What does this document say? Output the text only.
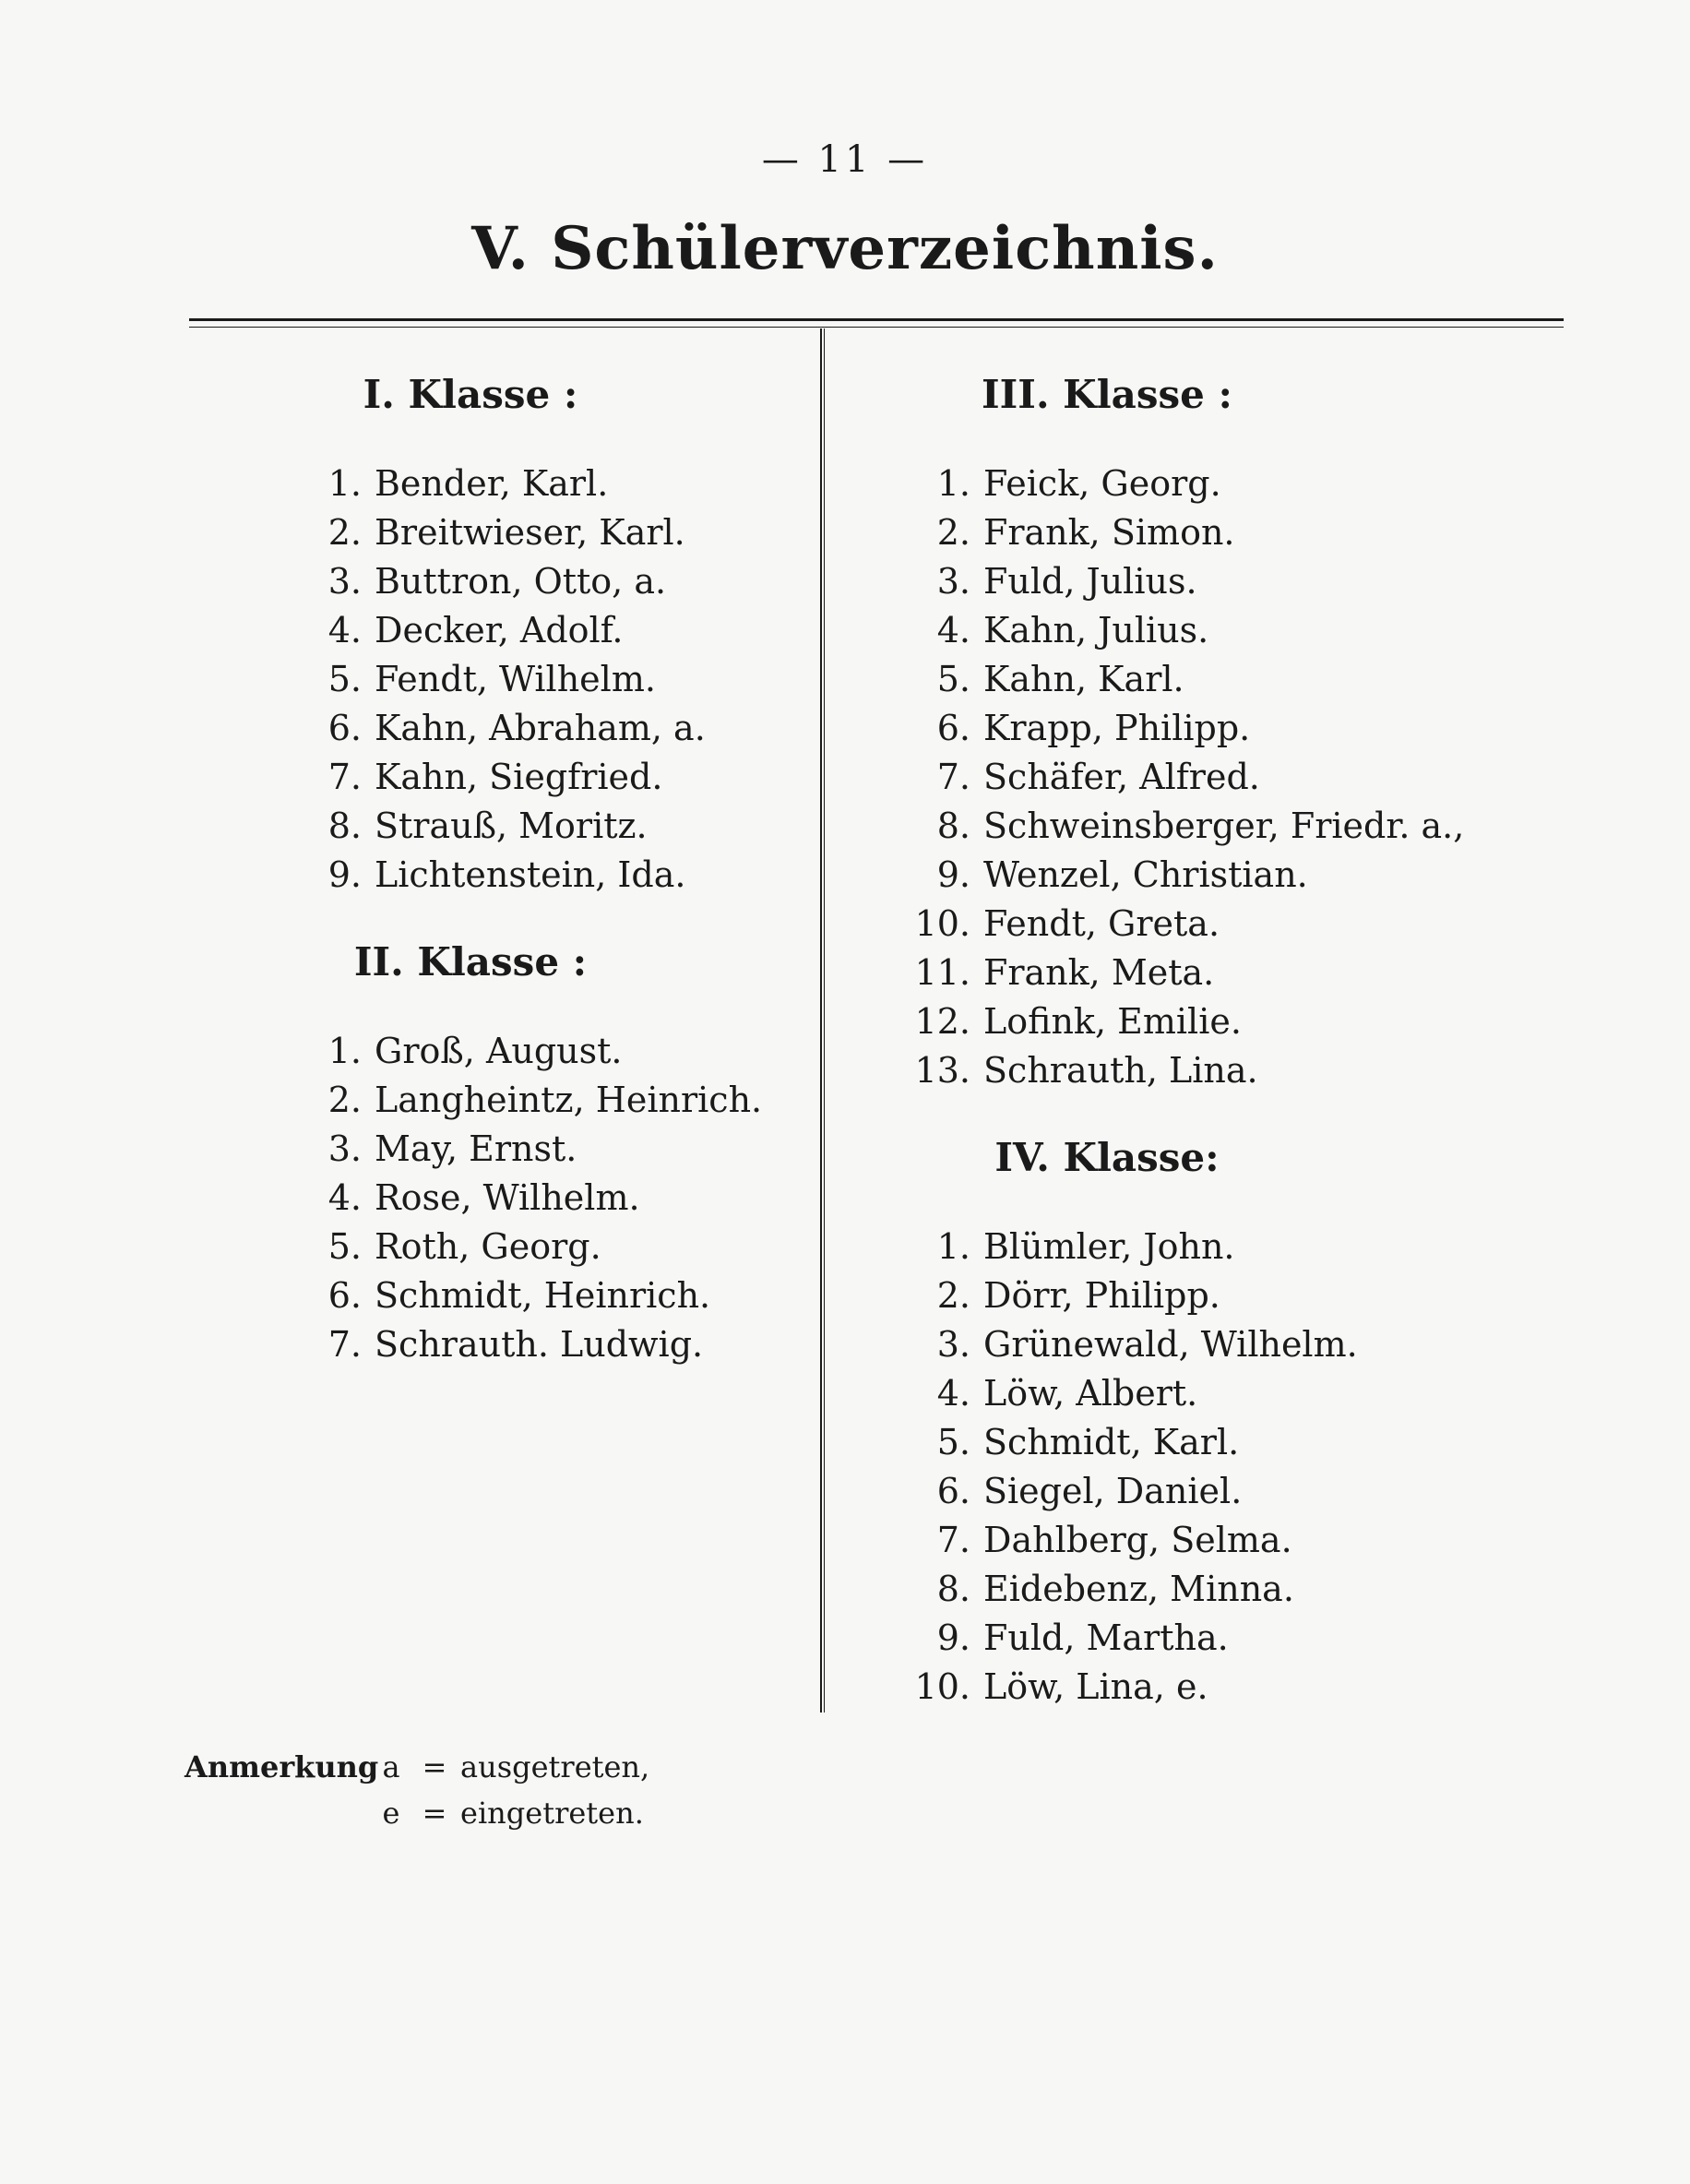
— 11 —
V. Schülerverzeichnis.
I. Klasse :
1. Bender, Karl.
2. Breitwieser, Karl.
3. Buttron, Otto, a.
4. Decker, Adolf.
5. Fendt, Wilhelm.
6. Kahn, Abraham, a.
7. Kahn, Siegfried.
8. Strauß, Moritz.
9. Lichtenstein, Ida.
II. Klasse :
1. Groß, August.
2. Langheintz, Heinrich.
3. May, Ernst.
4. Rose, Wilhelm.
5. Roth, Georg.
6. Schmidt, Heinrich.
7. Schrauth. Ludwig.
III. Klasse :
1. Feick, Georg.
2. Frank, Simon.
3. Fuld, Julius.
4. Kahn, Julius.
5. Kahn, Karl.
6. Krapp, Philipp.
7. Schäfer, Alfred.
8. Schweinsberger, Friedr. a.,
9. Wenzel, Christian.
10. Fendt, Greta.
11. Frank, Meta.
12. Lofink, Emilie.
13. Schrauth, Lina.
IV. Klasse:
1. Blümler, John.
2. Dörr, Philipp.
3. Grünewald, Wilhelm.
4. Löw, Albert.
5. Schmidt, Karl.
6. Siegel, Daniel.
7. Dahlberg, Selma.
8. Eidebenz, Minna.
9. Fuld, Martha.
10. Löw, Lina, e.
Anmerkung a = ausgetreten,
e = eingetreten.
